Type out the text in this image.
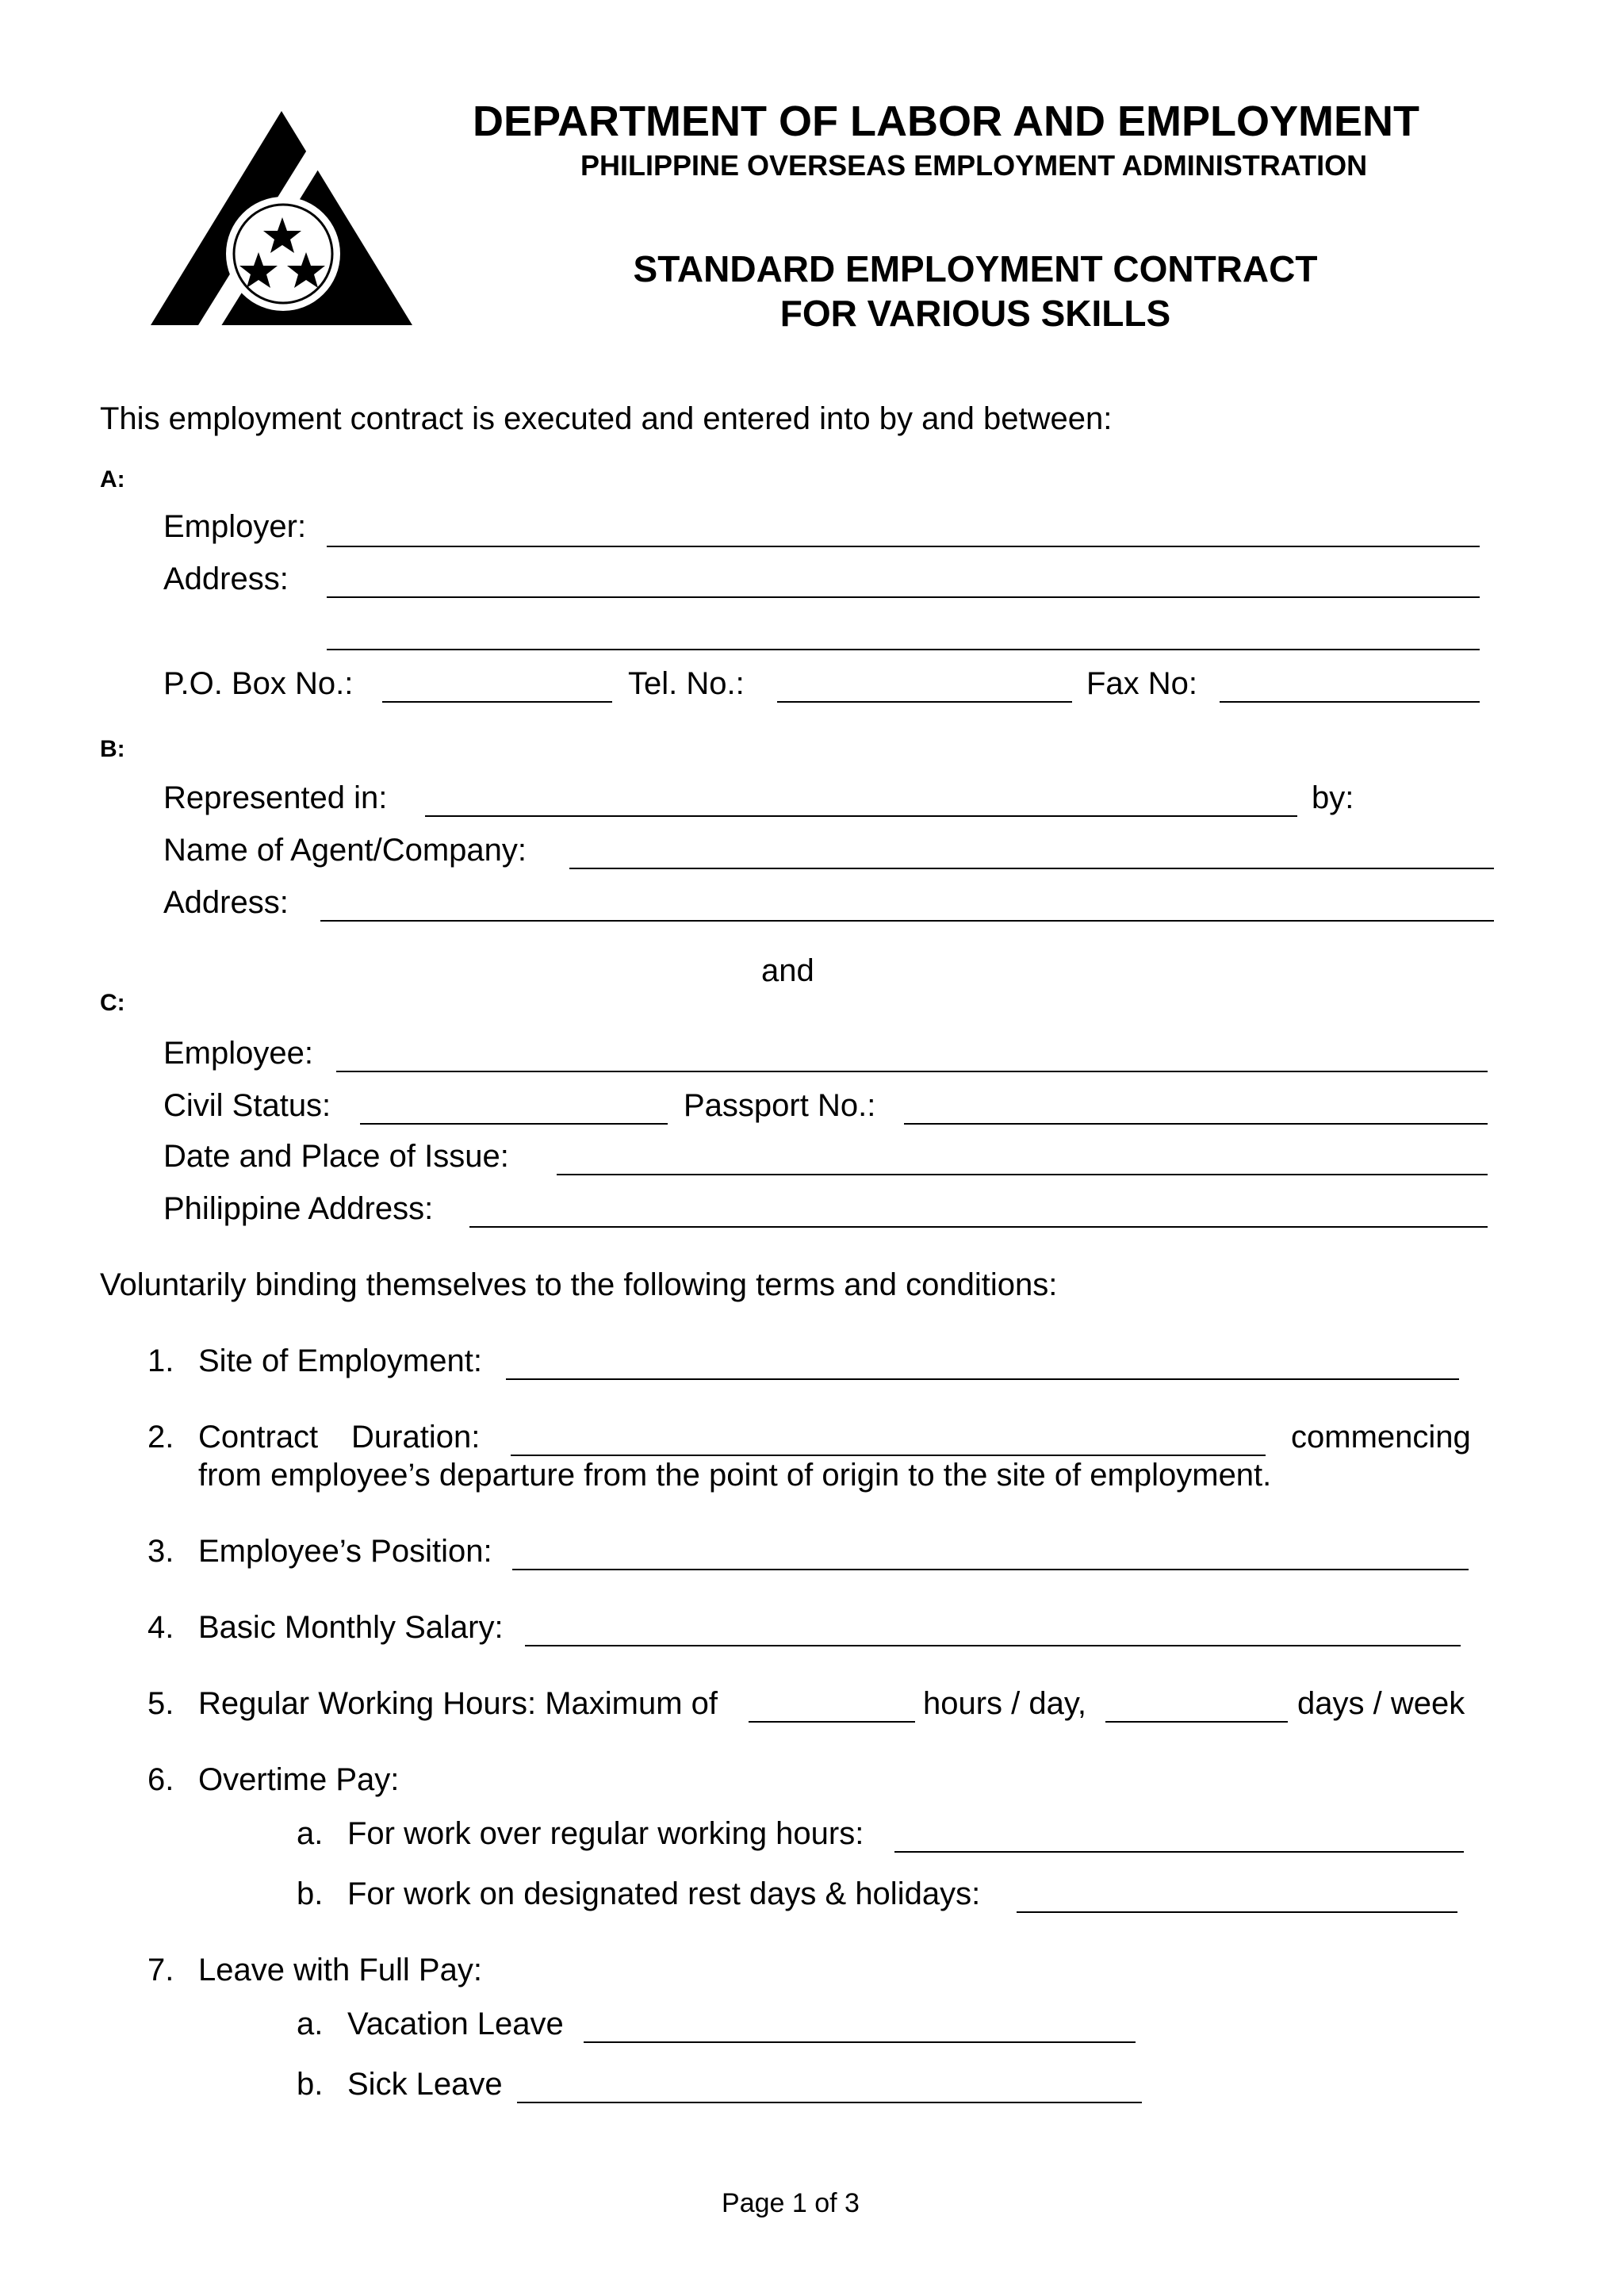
DEPARTMENT OF LABOR AND EMPLOYMENT
PHILIPPINE OVERSEAS EMPLOYMENT ADMINISTRATION
STANDARD EMPLOYMENT CONTRACT
FOR VARIOUS SKILLS
This employment contract is executed and entered into by and between:
A:
Employer:
Address:
P.O. Box No.:	Tel. No.:	Fax No:
B:
Represented in:	by:
Name of Agent/Company:
Address:
and
C:
Employee:
Civil Status:	Passport No.:
Date and Place of Issue:
Philippine Address:
Voluntarily binding themselves to the following terms and conditions:
1. Site of Employment:
2. Contract Duration:	commencing
from employee’s departure from the point of origin to the site of employment.
3. Employee’s Position:
4. Basic Monthly Salary:
5. Regular Working Hours: Maximum of	hours / day,	days / week
6. Overtime Pay:
a. For work over regular working hours:
b. For work on designated rest days & holidays:
7. Leave with Full Pay:
a. Vacation Leave
b. Sick Leave
Page 1 of 3
